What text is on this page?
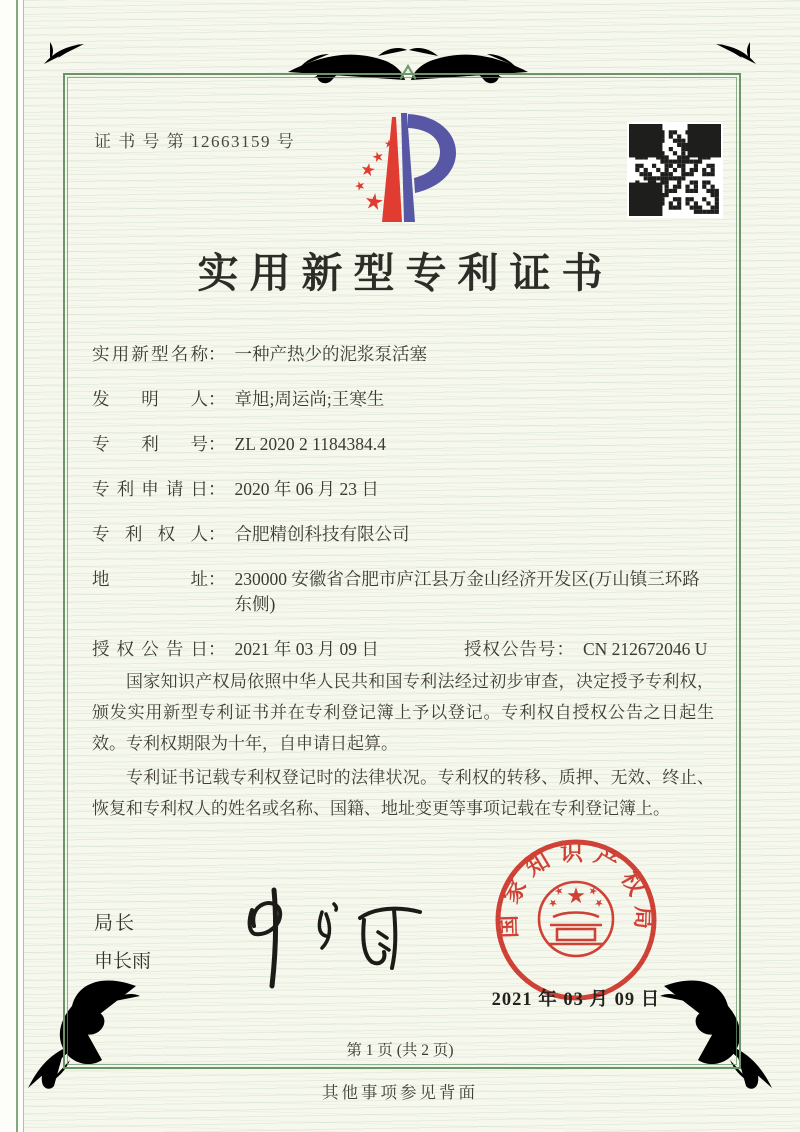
证 书 号 第 12663159 号
实用新型专利证书
实用新型名称 ： 一种产热少的泥浆泵活塞
发明人 ： 章旭;周运尚;王寒生
专利号 ： ZL 2020 2 1184384.4
专利申请日 ： 2020 年 06 月 23 日
专利权人 ： 合肥精创科技有限公司
地址 ： 230000 安徽省合肥市庐江县万金山经济开发区(万山镇三环路东侧)
授权公告日 ： 2021 年 03 月 09 日	授权公告号 ： CN 212672046 U

国家知识产权局依照中华人民共和国专利法经过初步审查，决定授予专利权，颁发实用新型专利证书并在专利登记簿上予以登记。专利权自授权公告之日起生效。专利权期限为十年，自申请日起算。

专利证书记载专利权登记时的法律状况。专利权的转移、质押、无效、终止、恢复和专利权人的姓名或名称、国籍、地址变更等事项记载在专利登记簿上。

局长
申长雨
国家知识产权局
2021 年 03 月 09 日
第 1 页 (共 2 页)
其他事项参见背面
